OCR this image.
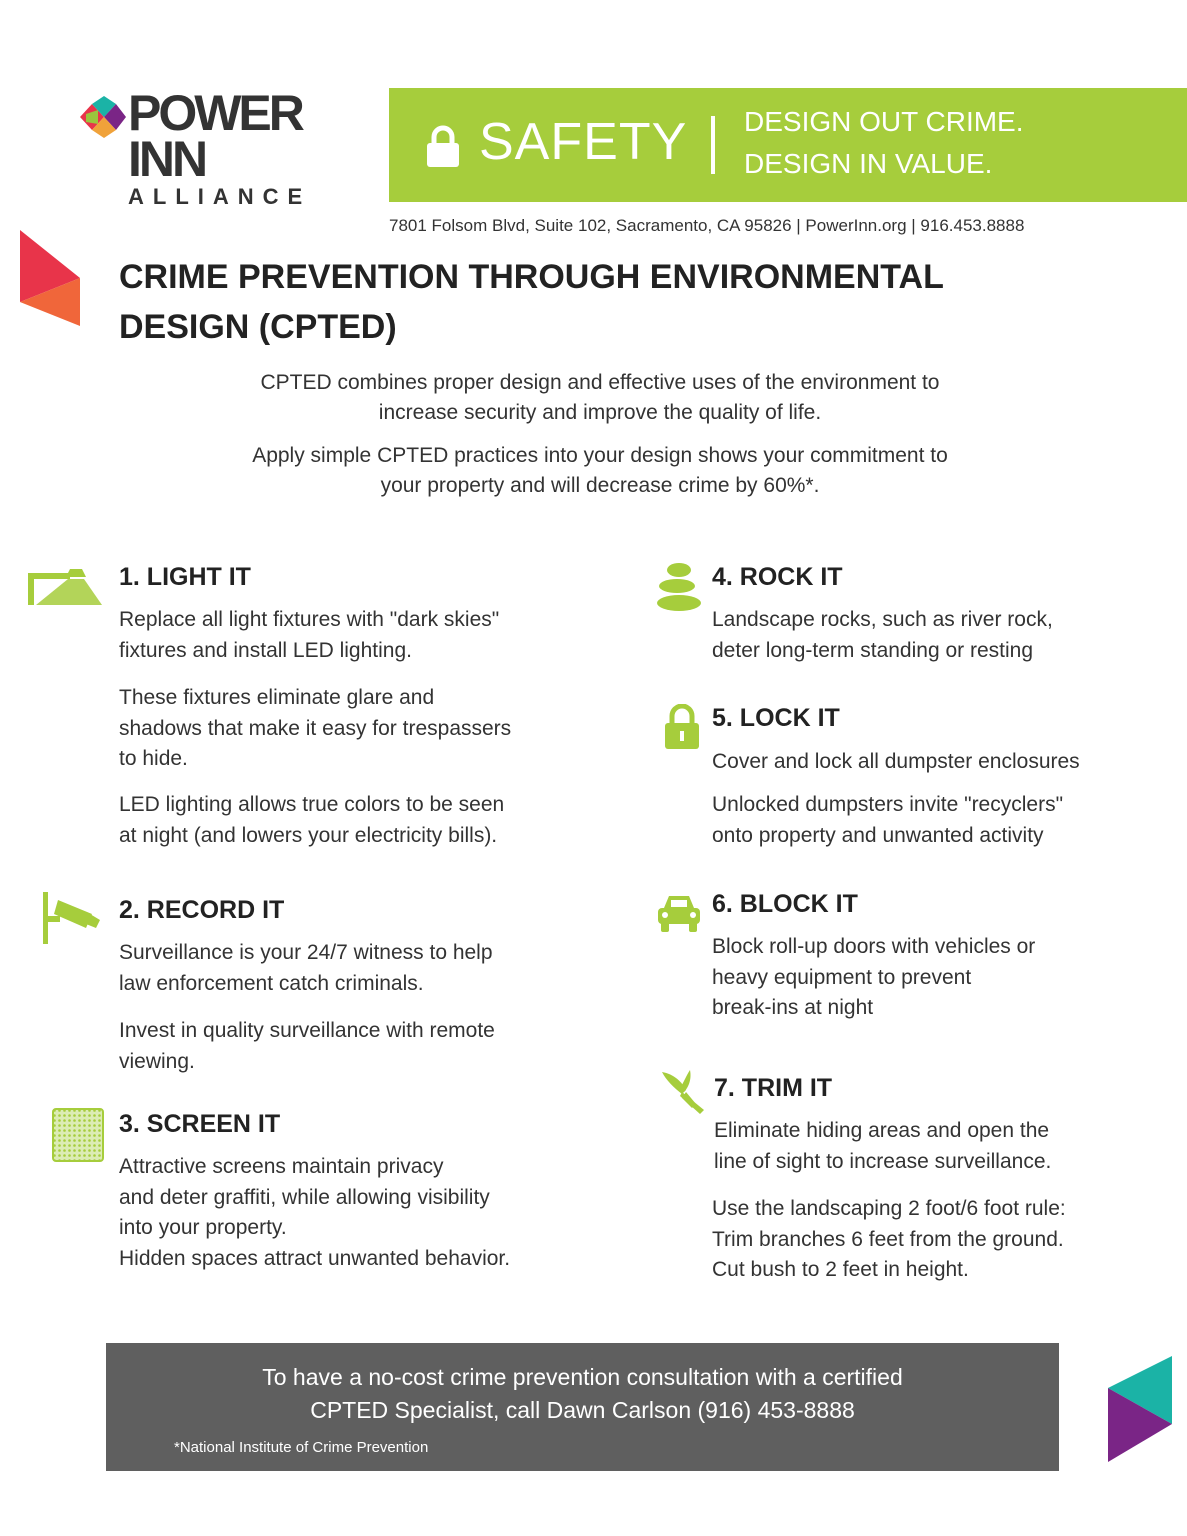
POWER
INN
ALLIANCE
SAFETY DESIGN OUT CRIME.
DESIGN IN VALUE.
7801 Folsom Blvd, Suite 102, Sacramento, CA 95826 | PowerInn.org | 916.453.8888
CRIME PREVENTION THROUGH ENVIRONMENTAL
DESIGN (CPTED)
CPTED combines proper design and effective uses of the environment to
increase security and improve the quality of life.
Apply simple CPTED practices into your design shows your commitment to
your property and will decrease crime by 60%*.
1. LIGHT IT
Replace all light fixtures with "dark skies"
fixtures and install LED lighting.
These fixtures eliminate glare and
shadows that make it easy for trespassers
to hide.
LED lighting allows true colors to be seen
at night (and lowers your electricity bills).
2. RECORD IT
Surveillance is your 24/7 witness to help
law enforcement catch criminals.
Invest in quality surveillance with remote
viewing.
3. SCREEN IT
Attractive screens maintain privacy
and deter graffiti, while allowing visibility
into your property.
Hidden spaces attract unwanted behavior.
4. ROCK IT
Landscape rocks, such as river rock,
deter long-term standing or resting
5. LOCK IT
Cover and lock all dumpster enclosures
Unlocked dumpsters invite "recyclers"
onto property and unwanted activity
6. BLOCK IT
Block roll-up doors with vehicles or
heavy equipment to prevent
break-ins at night
7. TRIM IT
Eliminate hiding areas and open the
line of sight to increase surveillance.
Use the landscaping 2 foot/6 foot rule:
Trim branches 6 feet from the ground.
Cut bush to 2 feet in height.
To have a no-cost crime prevention consultation with a certified
CPTED Specialist, call Dawn Carlson (916) 453-8888
*National Institute of Crime Prevention
